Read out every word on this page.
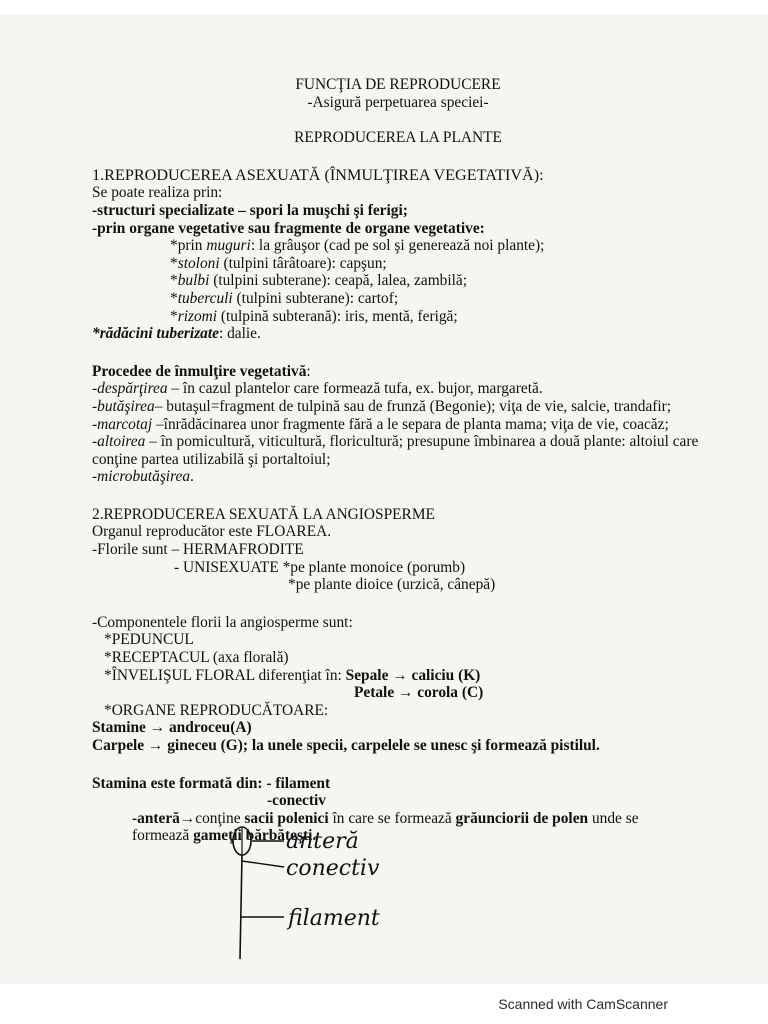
FUNCŢIA DE REPRODUCERE

-Asigură perpetuarea speciei-

REPRODUCEREA LA PLANTE

1.REPRODUCEREA ASEXUATĂ (ÎNMULŢIREA VEGETATIVĂ):

Se poate realiza prin:

-structuri specializate – spori la muşchi şi ferigi;

-prin organe vegetative sau fragmente de organe vegetative:

*prin muguri: la grâuşor (cad pe sol şi generează noi plante);

*stoloni (tulpini târâtoare): capşun;

*bulbi (tulpini subterane): ceapă, lalea, zambilă;

*tuberculi (tulpini subterane): cartof;

*rizomi (tulpină subterană): iris, mentă, ferigă;

*rădăcini tuberizate: dalie.

Procedee de înmulţire vegetativă:

-despărţirea – în cazul plantelor care formează tufa, ex. bujor, margaretă.

-butăşirea– butaşul=fragment de tulpină sau de frunză (Begonie); viţa de vie, salcie, trandafir;

-marcotaj –înrădăcinarea unor fragmente fără a le separa de planta mama; viţa de vie, coacăz;

-altoirea – în pomicultură, viticultură, floricultură; presupune îmbinarea a două plante: altoiul care conţine partea utilizabilă şi portaltoiul;

-microbutăşirea.

2.REPRODUCEREA SEXUATĂ LA ANGIOSPERME

Organul reproducător este FLOAREA.

-Florile sunt – HERMAFRODITE

- UNISEXUATE *pe plante monoice (porumb)

*pe plante dioice (urzică, cânepă)

-Componentele florii la angiosperme sunt:

*PEDUNCUL

*RECEPTACUL (axa florală)

*ÎNVELIŞUL FLORAL diferenţiat în: Sepale → caliciu (K)

Petale → corola (C)

*ORGANE REPRODUCĂTOARE:

Stamine → androceu(A)

Carpele → gineceu (G); la unele specii, carpelele se unesc şi formează pistilul.

Stamina este formată din: - filament

-conectiv

-anteră→conţine sacii polenici în care se formează grăunciorii de polen unde se

formează gameţii bărbăteşti.

anteră
conectiv
filament
Scanned with CamScanner
